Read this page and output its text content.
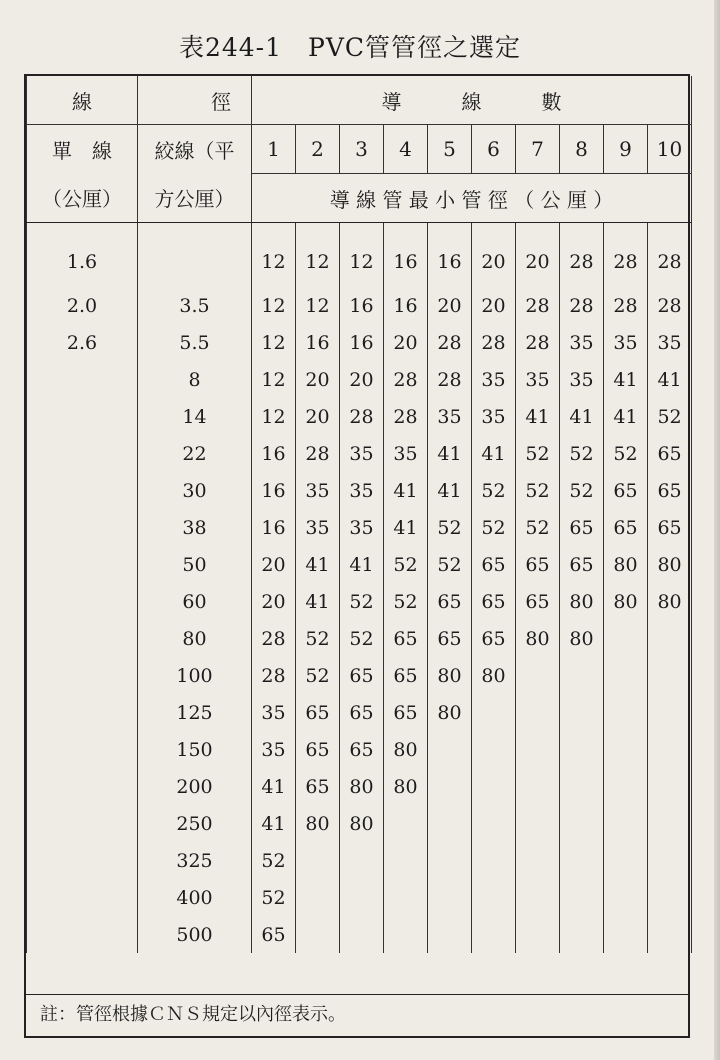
表244-1　PVC管管徑之選定
線	徑	導　　　線　　　數									
單　線	絞線（平	1	2	3	4	5	6	7	8	9	10
（公厘）	方公厘）	導 線 管 最 小 管 徑 （ 公 厘 ）									
1.6		12	12	12	16	16	20	20	28	28	28
2.0	3.5	12	12	16	16	20	20	28	28	28	28
2.6	5.5	12	16	16	20	28	28	28	35	35	35
	8	12	20	20	28	28	35	35	35	41	41
	14	12	20	28	28	35	35	41	41	41	52
	22	16	28	35	35	41	41	52	52	52	65
	30	16	35	35	41	41	52	52	52	65	65
	38	16	35	35	41	52	52	52	65	65	65
	50	20	41	41	52	52	65	65	65	80	80
	60	20	41	52	52	65	65	65	80	80	80
	80	28	52	52	65	65	65	80	80		
	100	28	52	65	65	80	80				
	125	35	65	65	65	80					
	150	35	65	65	80						
	200	41	65	80	80						
	250	41	80	80							
	325	52									
	400	52									
	500	65									
註：管徑根據ＣＮＳ規定以內徑表示。
